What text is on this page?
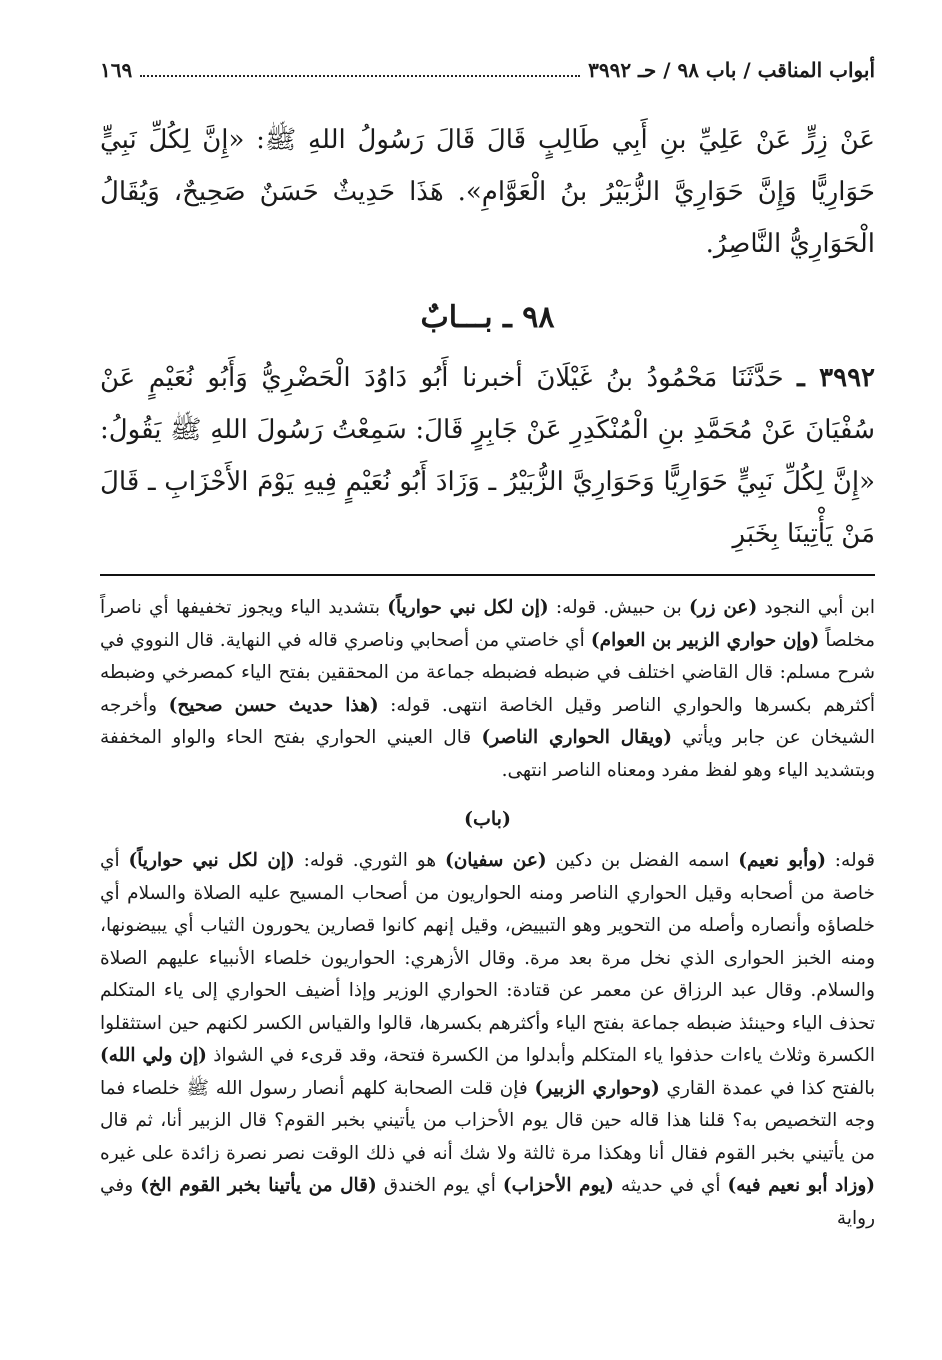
أبواب المناقب / باب ٩٨ / حـ ٣٩٩٢
١٦٩

عَنْ زِرٍّ عَنْ عَلِيِّ بنِ أَبِي طَالِبٍ قَالَ قَالَ رَسُولُ اللهِ ﷺ: «إِنَّ لِكُلِّ نَبِيٍّ حَوَارِيًّا وَإِنَّ حَوَارِيَّ الزُّبَيْرُ بنُ الْعَوَّامِ». هَذَا حَدِيثٌ حَسَنٌ صَحِيحٌ، وَيُقَالُ الْحَوَارِيُّ النَّاصِرُ.

٩٨ ـ بـــابٌ

٣٩٩٢ ـ حَدَّثَنَا مَحْمُودُ بنُ غَيْلَانَ أخبرنا أَبُو دَاوُدَ الْحَضْرِيُّ وَأَبُو نُعَيْمٍ عَنْ سُفْيَانَ عَنْ مُحَمَّدِ بنِ الْمُنْكَدِرِ عَنْ جَابِرٍ قَالَ: سَمِعْتُ رَسُولَ اللهِ ﷺ يَقُولُ: «إِنَّ لِكُلِّ نَبِيٍّ حَوَارِيًّا وَحَوَارِيَّ الزُّبَيْرُ ـ وَزَادَ أَبُو نُعَيْمٍ فِيهِ يَوْمَ الأَحْزَابِ ـ قَالَ مَنْ يَأْتِينَا بِخَبَرِ

ابن أبي النجود (عن زر) بن حبيش. قوله: (إن لكل نبي حوارياً) بتشديد الياء ويجوز تخفيفها أي ناصراً مخلصاً (وإن حواري الزبير بن العوام) أي خاصتي من أصحابي وناصري قاله في النهاية. قال النووي في شرح مسلم: قال القاضي اختلف في ضبطه فضبطه جماعة من المحققين بفتح الياء كمصرخي وضبطه أكثرهم بكسرها والحواري الناصر وقيل الخاصة انتهى. قوله: (هذا حديث حسن صحيح) وأخرجه الشيخان عن جابر ويأتي (ويقال الحواري الناصر) قال العيني الحواري بفتح الحاء والواو المخففة وبتشديد الياء وهو لفظ مفرد ومعناه الناصر انتهى.

(باب)

قوله: (وأبو نعيم) اسمه الفضل بن دكين (عن سفيان) هو الثوري. قوله: (إن لكل نبي حوارياً) أي خاصة من أصحابه وقيل الحواري الناصر ومنه الحواريون من أصحاب المسيح عليه الصلاة والسلام أي خلصاؤه وأنصاره وأصله من التحوير وهو التبييض، وقيل إنهم كانوا قصارين يحورون الثياب أي يبيضونها، ومنه الخبز الحوارى الذي نخل مرة بعد مرة. وقال الأزهري: الحواريون خلصاء الأنبياء عليهم الصلاة والسلام. وقال عبد الرزاق عن معمر عن قتادة: الحواري الوزير وإذا أضيف الحواري إلى ياء المتكلم تحذف الياء وحينئذ ضبطه جماعة بفتح الياء وأكثرهم بكسرها، قالوا والقياس الكسر لكنهم حين استثقلوا الكسرة وثلاث ياءات حذفوا ياء المتكلم وأبدلوا من الكسرة فتحة، وقد قرىء في الشواذ (إن ولي الله) بالفتح كذا في عمدة القاري (وحواري الزبير) فإن قلت الصحابة كلهم أنصار رسول الله ﷺ خلصاء فما وجه التخصيص به؟ قلنا هذا قاله حين قال يوم الأحزاب من يأتيني بخبر القوم؟ قال الزبير أنا، ثم قال من يأتيني بخبر القوم فقال أنا وهكذا مرة ثالثة ولا شك أنه في ذلك الوقت نصر نصرة زائدة على غيره (وزاد أبو نعيم فيه) أي في حديثه (يوم الأحزاب) أي يوم الخندق (قال من يأتينا بخبر القوم الخ) وفي رواية
